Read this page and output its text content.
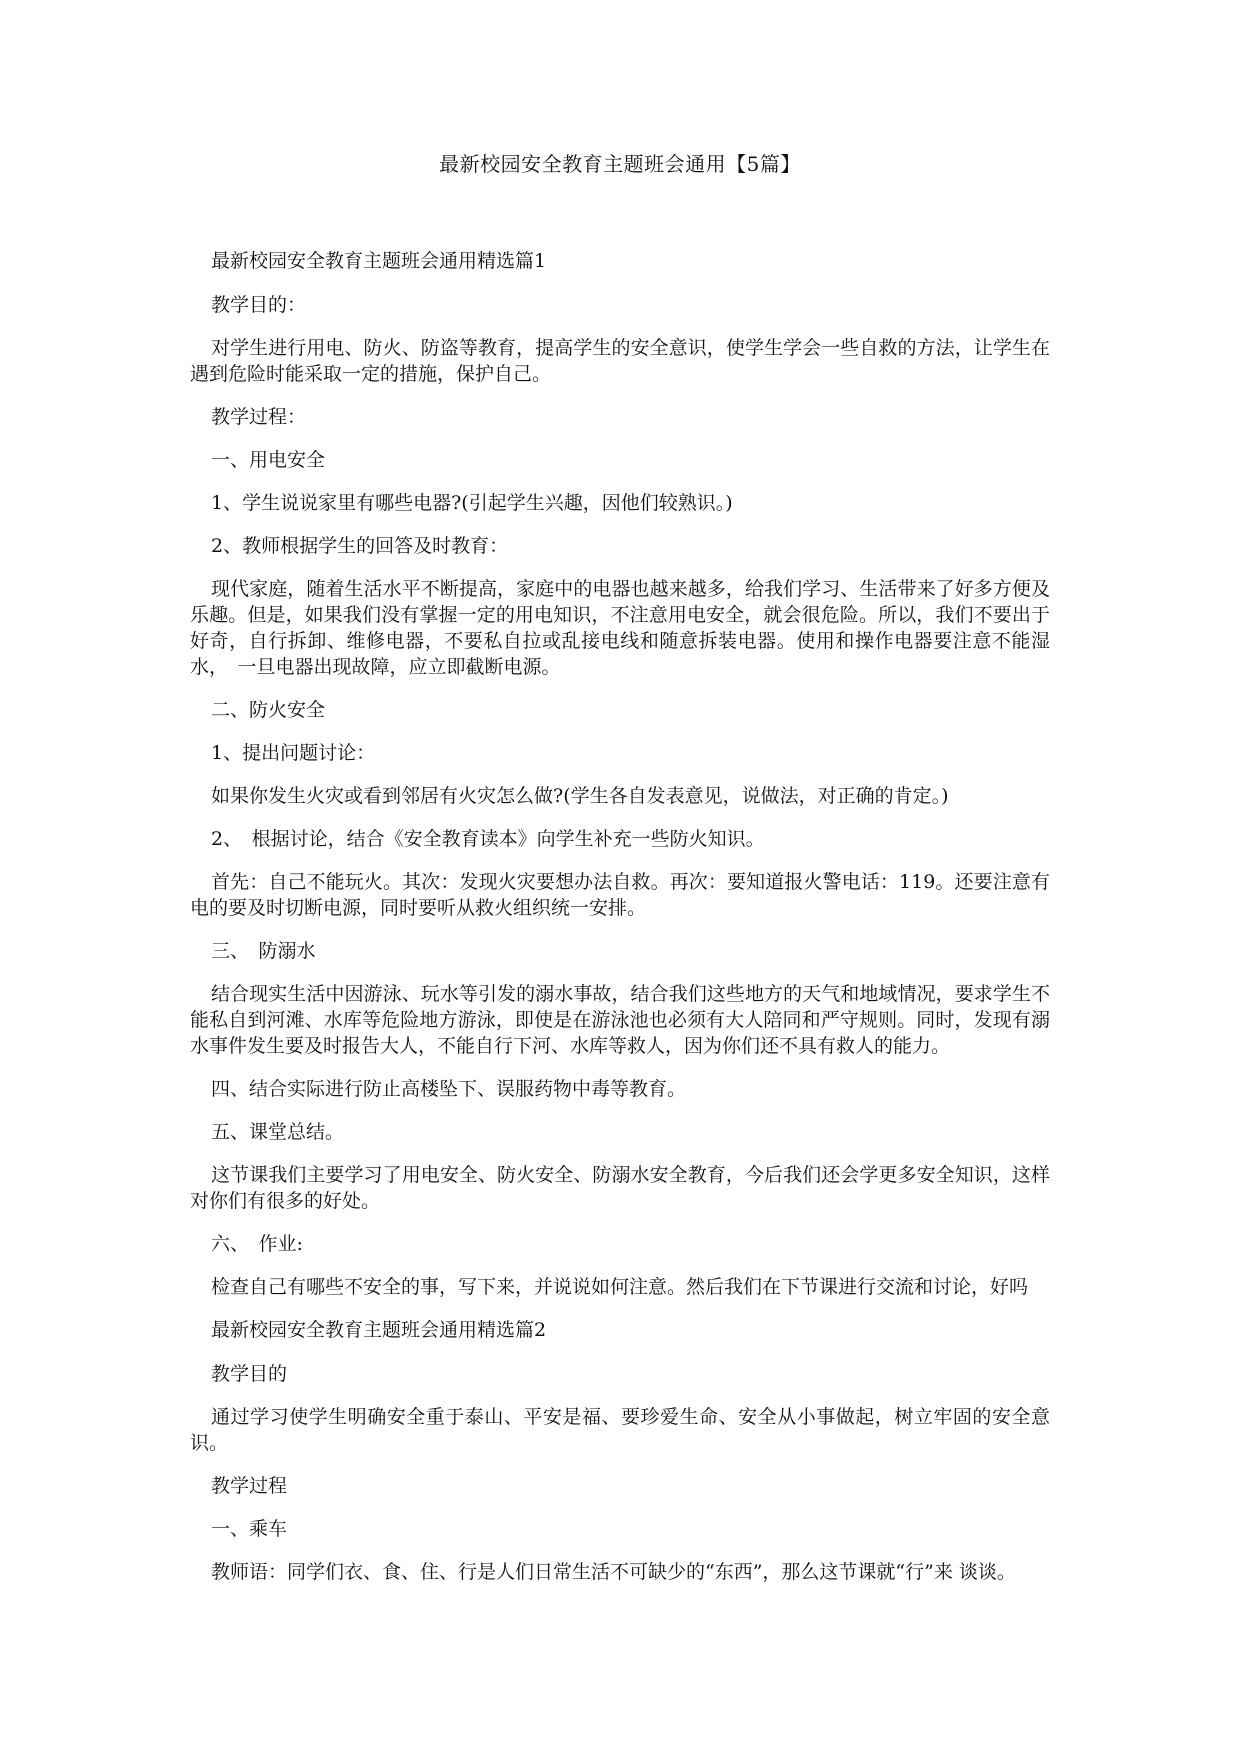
最新校园安全教育主题班会通用【5篇】

最新校园安全教育主题班会通用精选篇1

教学目的：

对学生进行用电、防火、防盗等教育，提高学生的安全意识，使学生学会一些自救的方法，让学生在遇到危险时能采取一定的措施，保护自己。

教学过程：

一、用电安全

1、学生说说家里有哪些电器?(引起学生兴趣，因他们较熟识。)

2、教师根据学生的回答及时教育：

现代家庭，随着生活水平不断提高，家庭中的电器也越来越多，给我们学习、生活带来了好多方便及乐趣。但是，如果我们没有掌握一定的用电知识，不注意用电安全，就会很危险。所以，我们不要出于好奇，自行拆卸、维修电器，不要私自拉或乱接电线和随意拆装电器。使用和操作电器要注意不能湿水，　一旦电器出现故障，应立即截断电源。

二、防火安全

1、提出问题讨论：

如果你发生火灾或看到邻居有火灾怎么做?(学生各自发表意见，说做法，对正确的肯定。)

2、　根据讨论，结合《安全教育读本》向学生补充一些防火知识。

首先：自己不能玩火。其次：发现火灾要想办法自救。再次：要知道报火警电话：119。还要注意有电的要及时切断电源，同时要听从救火组织统一安排。

三、　防溺水

结合现实生活中因游泳、玩水等引发的溺水事故，结合我们这些地方的天气和地域情况，要求学生不能私自到河滩、水库等危险地方游泳，即使是在游泳池也必须有大人陪同和严守规则。同时，发现有溺水事件发生要及时报告大人，不能自行下河、水库等救人，因为你们还不具有救人的能力。

四、结合实际进行防止高楼坠下、误服药物中毒等教育。

五、课堂总结。

这节课我们主要学习了用电安全、防火安全、防溺水安全教育，今后我们还会学更多安全知识，这样对你们有很多的好处。

六、　作业:

检查自己有哪些不安全的事，写下来，并说说如何注意。然后我们在下节课进行交流和讨论，好吗

最新校园安全教育主题班会通用精选篇2

教学目的

通过学习使学生明确安全重于泰山、平安是福、要珍爱生命、安全从小事做起，树立牢固的安全意识。

教学过程

一、乘车

教师语：同学们衣、食、住、行是人们日常生活不可缺少的“东西”，那么这节课就“行”来 谈谈。
